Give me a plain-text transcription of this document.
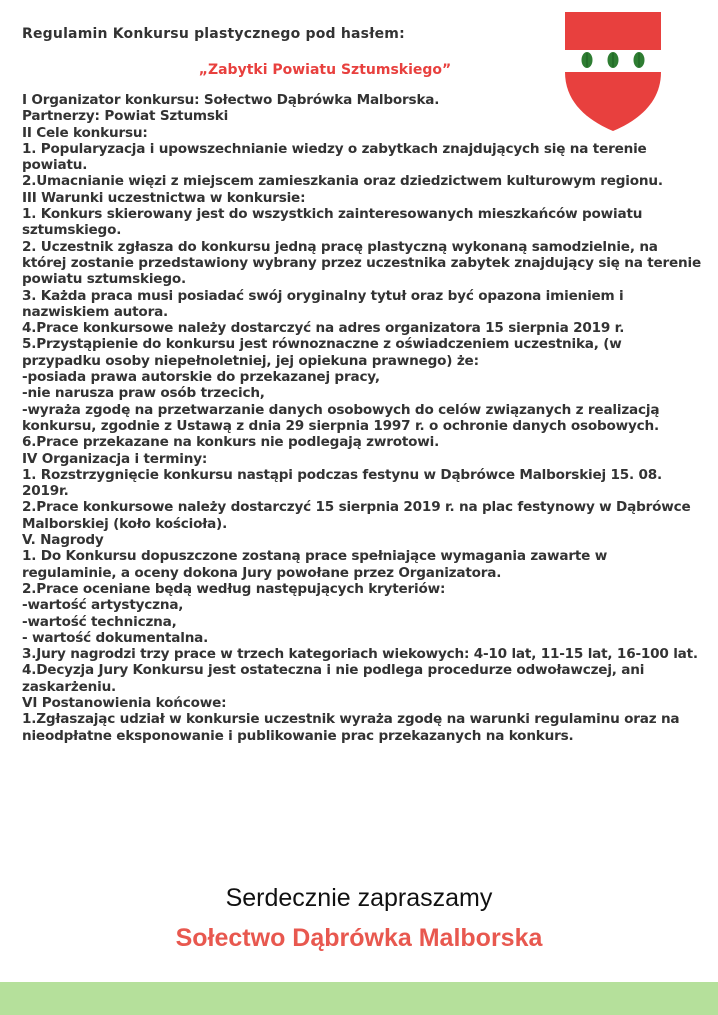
Regulamin Konkursu plastycznego pod hasłem:
„Zabytki Powiatu Sztumskiego”

I Organizator konkursu: Sołectwo Dąbrówka Malborska.

Partnerzy: Powiat Sztumski

II Cele konkursu:

1. Popularyzacja i upowszechnianie wiedzy o zabytkach znajdujących się na terenie powiatu.

2.Umacnianie więzi z miejscem zamieszkania oraz dziedzictwem kulturowym regionu.

III Warunki uczestnictwa w konkursie:

1. Konkurs skierowany jest do wszystkich zainteresowanych mieszkańców powiatu sztumskiego.

2. Uczestnik zgłasza do konkursu jedną pracę plastyczną wykonaną samodzielnie, na której zostanie przedstawiony wybrany przez uczestnika zabytek znajdujący się na terenie powiatu sztumskiego.

3. Każda praca musi posiadać swój oryginalny tytuł oraz być opazona imieniem i nazwiskiem autora.

4.Prace konkursowe należy dostarczyć na adres organizatora 15 sierpnia 2019 r.

5.Przystąpienie do konkursu jest równoznaczne z oświadczeniem uczestnika, (w przypadku osoby niepełnoletniej, jej opiekuna prawnego) że:

-posiada prawa autorskie do przekazanej pracy,

-nie narusza praw osób trzecich,

-wyraża zgodę na przetwarzanie danych osobowych do celów związanych z realizacją konkursu, zgodnie z Ustawą z dnia 29 sierpnia 1997 r. o ochronie danych osobowych.

6.Prace przekazane na konkurs nie podlegają zwrotowi.

IV Organizacja i terminy:

1. Rozstrzygnięcie konkursu nastąpi podczas festynu w Dąbrówce Malborskiej 15. 08. 2019r.

2.Prace konkursowe należy dostarczyć 15 sierpnia 2019 r. na plac festynowy w Dąbrówce Malborskiej (koło kościoła).

V. Nagrody

1. Do Konkursu dopuszczone zostaną prace spełniające wymagania zawarte w regulaminie, a oceny dokona Jury powołane przez Organizatora.

2.Prace oceniane będą według następujących kryteriów:

-wartość artystyczna,

-wartość techniczna,

- wartość dokumentalna.

3.Jury nagrodzi trzy prace w trzech kategoriach wiekowych: 4-10 lat, 11-15 lat, 16-100 lat.

4.Decyzja Jury Konkursu jest ostateczna i nie podlega procedurze odwoławczej, ani zaskarżeniu.

VI Postanowienia końcowe:

1.Zgłaszając udział w konkursie uczestnik wyraża zgodę na warunki regulaminu oraz na nieodpłatne eksponowanie i publikowanie prac przekazanych na konkurs.

Serdecznie zapraszamy
Sołectwo Dąbrówka Malborska
